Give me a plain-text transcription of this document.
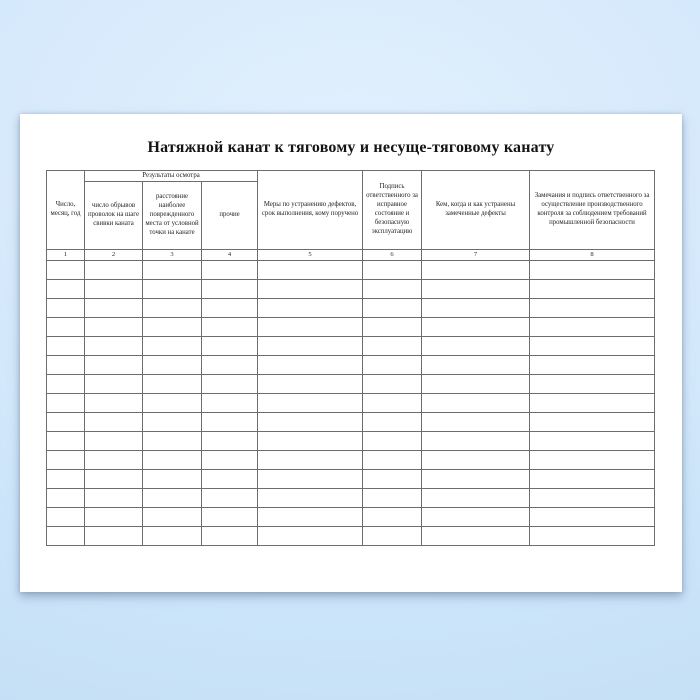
Натяжной канат к тяговому и несуще-тяговому канату
Число, месяц, год	Результаты осмотра			Меры по устранению дефектов, срок выполнения, кому поручено	Подпись ответственного за исправное состояние и безопасную эксплуатацию	Кем, когда и как устранены замеченные дефекты	Замечания и подпись ответственного за осуществление производственного контроля за соблюдением требований промышленной безопасности
	число обрывов проволок на шаге свивки каната	расстояние наиболее поврежденного места от условной точки на канате	прочие				
1	2	3	4	5	6	7	8
